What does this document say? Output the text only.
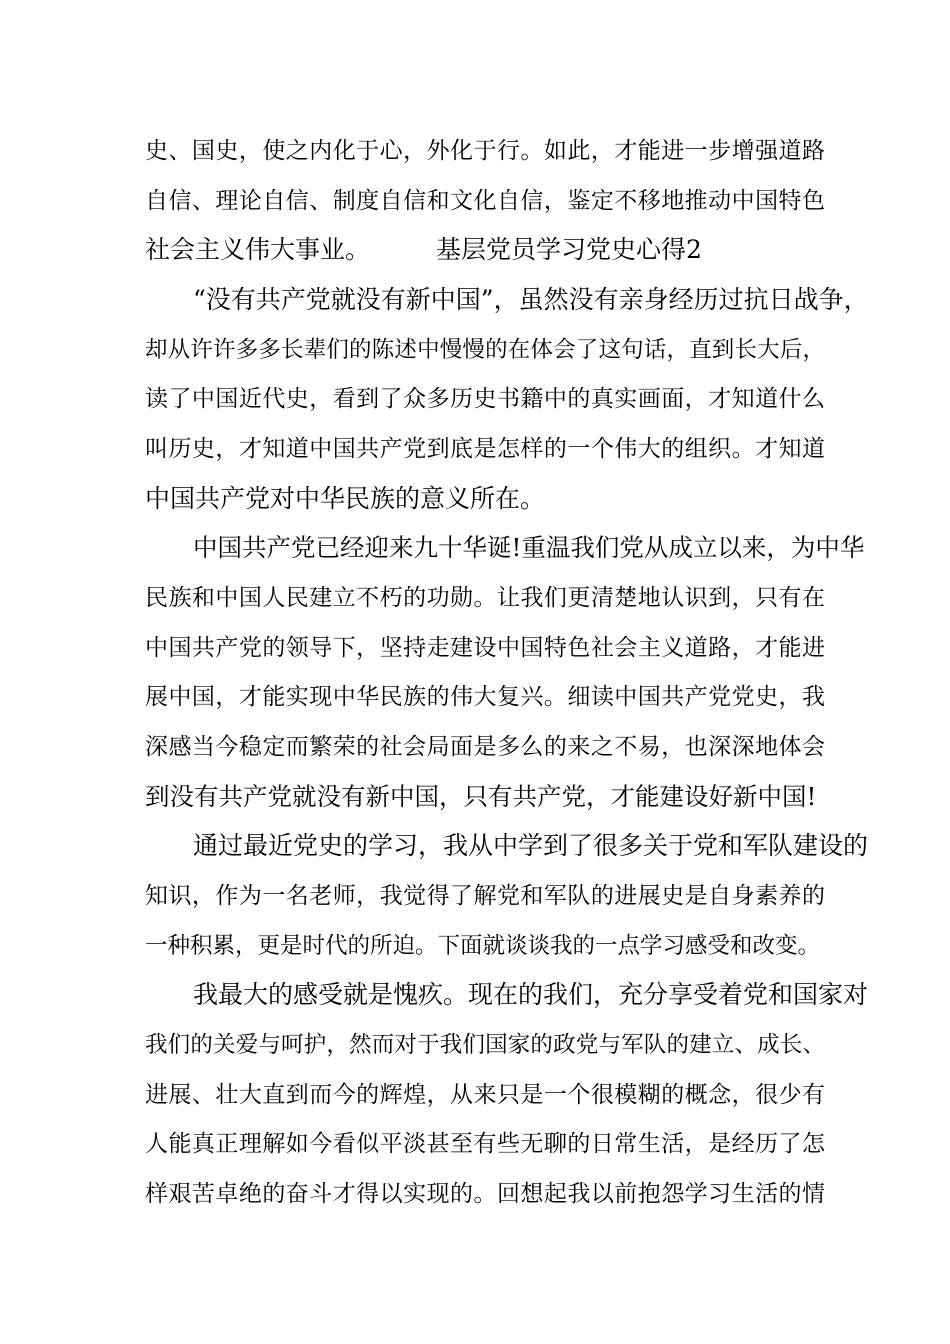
史、国史，使之内化于心，外化于行。如此，才能进一步增强道路
自信、理论自信、制度自信和文化自信，鉴定不移地推动中国特色
社会主义伟大事业。	基层党员学习党史心得2
“没有共产党就没有新中国”，虽然没有亲身经历过抗日战争，
却从许许多多长辈们的陈述中慢慢的在体会了这句话，直到长大后，
读了中国近代史，看到了众多历史书籍中的真实画面，才知道什么
叫历史，才知道中国共产党到底是怎样的一个伟大的组织。才知道
中国共产党对中华民族的意义所在。
中国共产党已经迎来九十华诞!重温我们党从成立以来，为中华
民族和中国人民建立不朽的功勋。让我们更清楚地认识到，只有在
中国共产党的领导下，坚持走建设中国特色社会主义道路，才能进
展中国，才能实现中华民族的伟大复兴。细读中国共产党党史，我
深感当今稳定而繁荣的社会局面是多么的来之不易，也深深地体会
到没有共产党就没有新中国，只有共产党，才能建设好新中国!
通过最近党史的学习，我从中学到了很多关于党和军队建设的
知识，作为一名老师，我觉得了解党和军队的进展史是自身素养的
一种积累，更是时代的所迫。下面就谈谈我的一点学习感受和改变。
我最大的感受就是愧疚。现在的我们，充分享受着党和国家对
我们的关爱与呵护，然而对于我们国家的政党与军队的建立、成长、
进展、壮大直到而今的辉煌，从来只是一个很模糊的概念，很少有
人能真正理解如今看似平淡甚至有些无聊的日常生活，是经历了怎
样艰苦卓绝的奋斗才得以实现的。回想起我以前抱怨学习生活的情
